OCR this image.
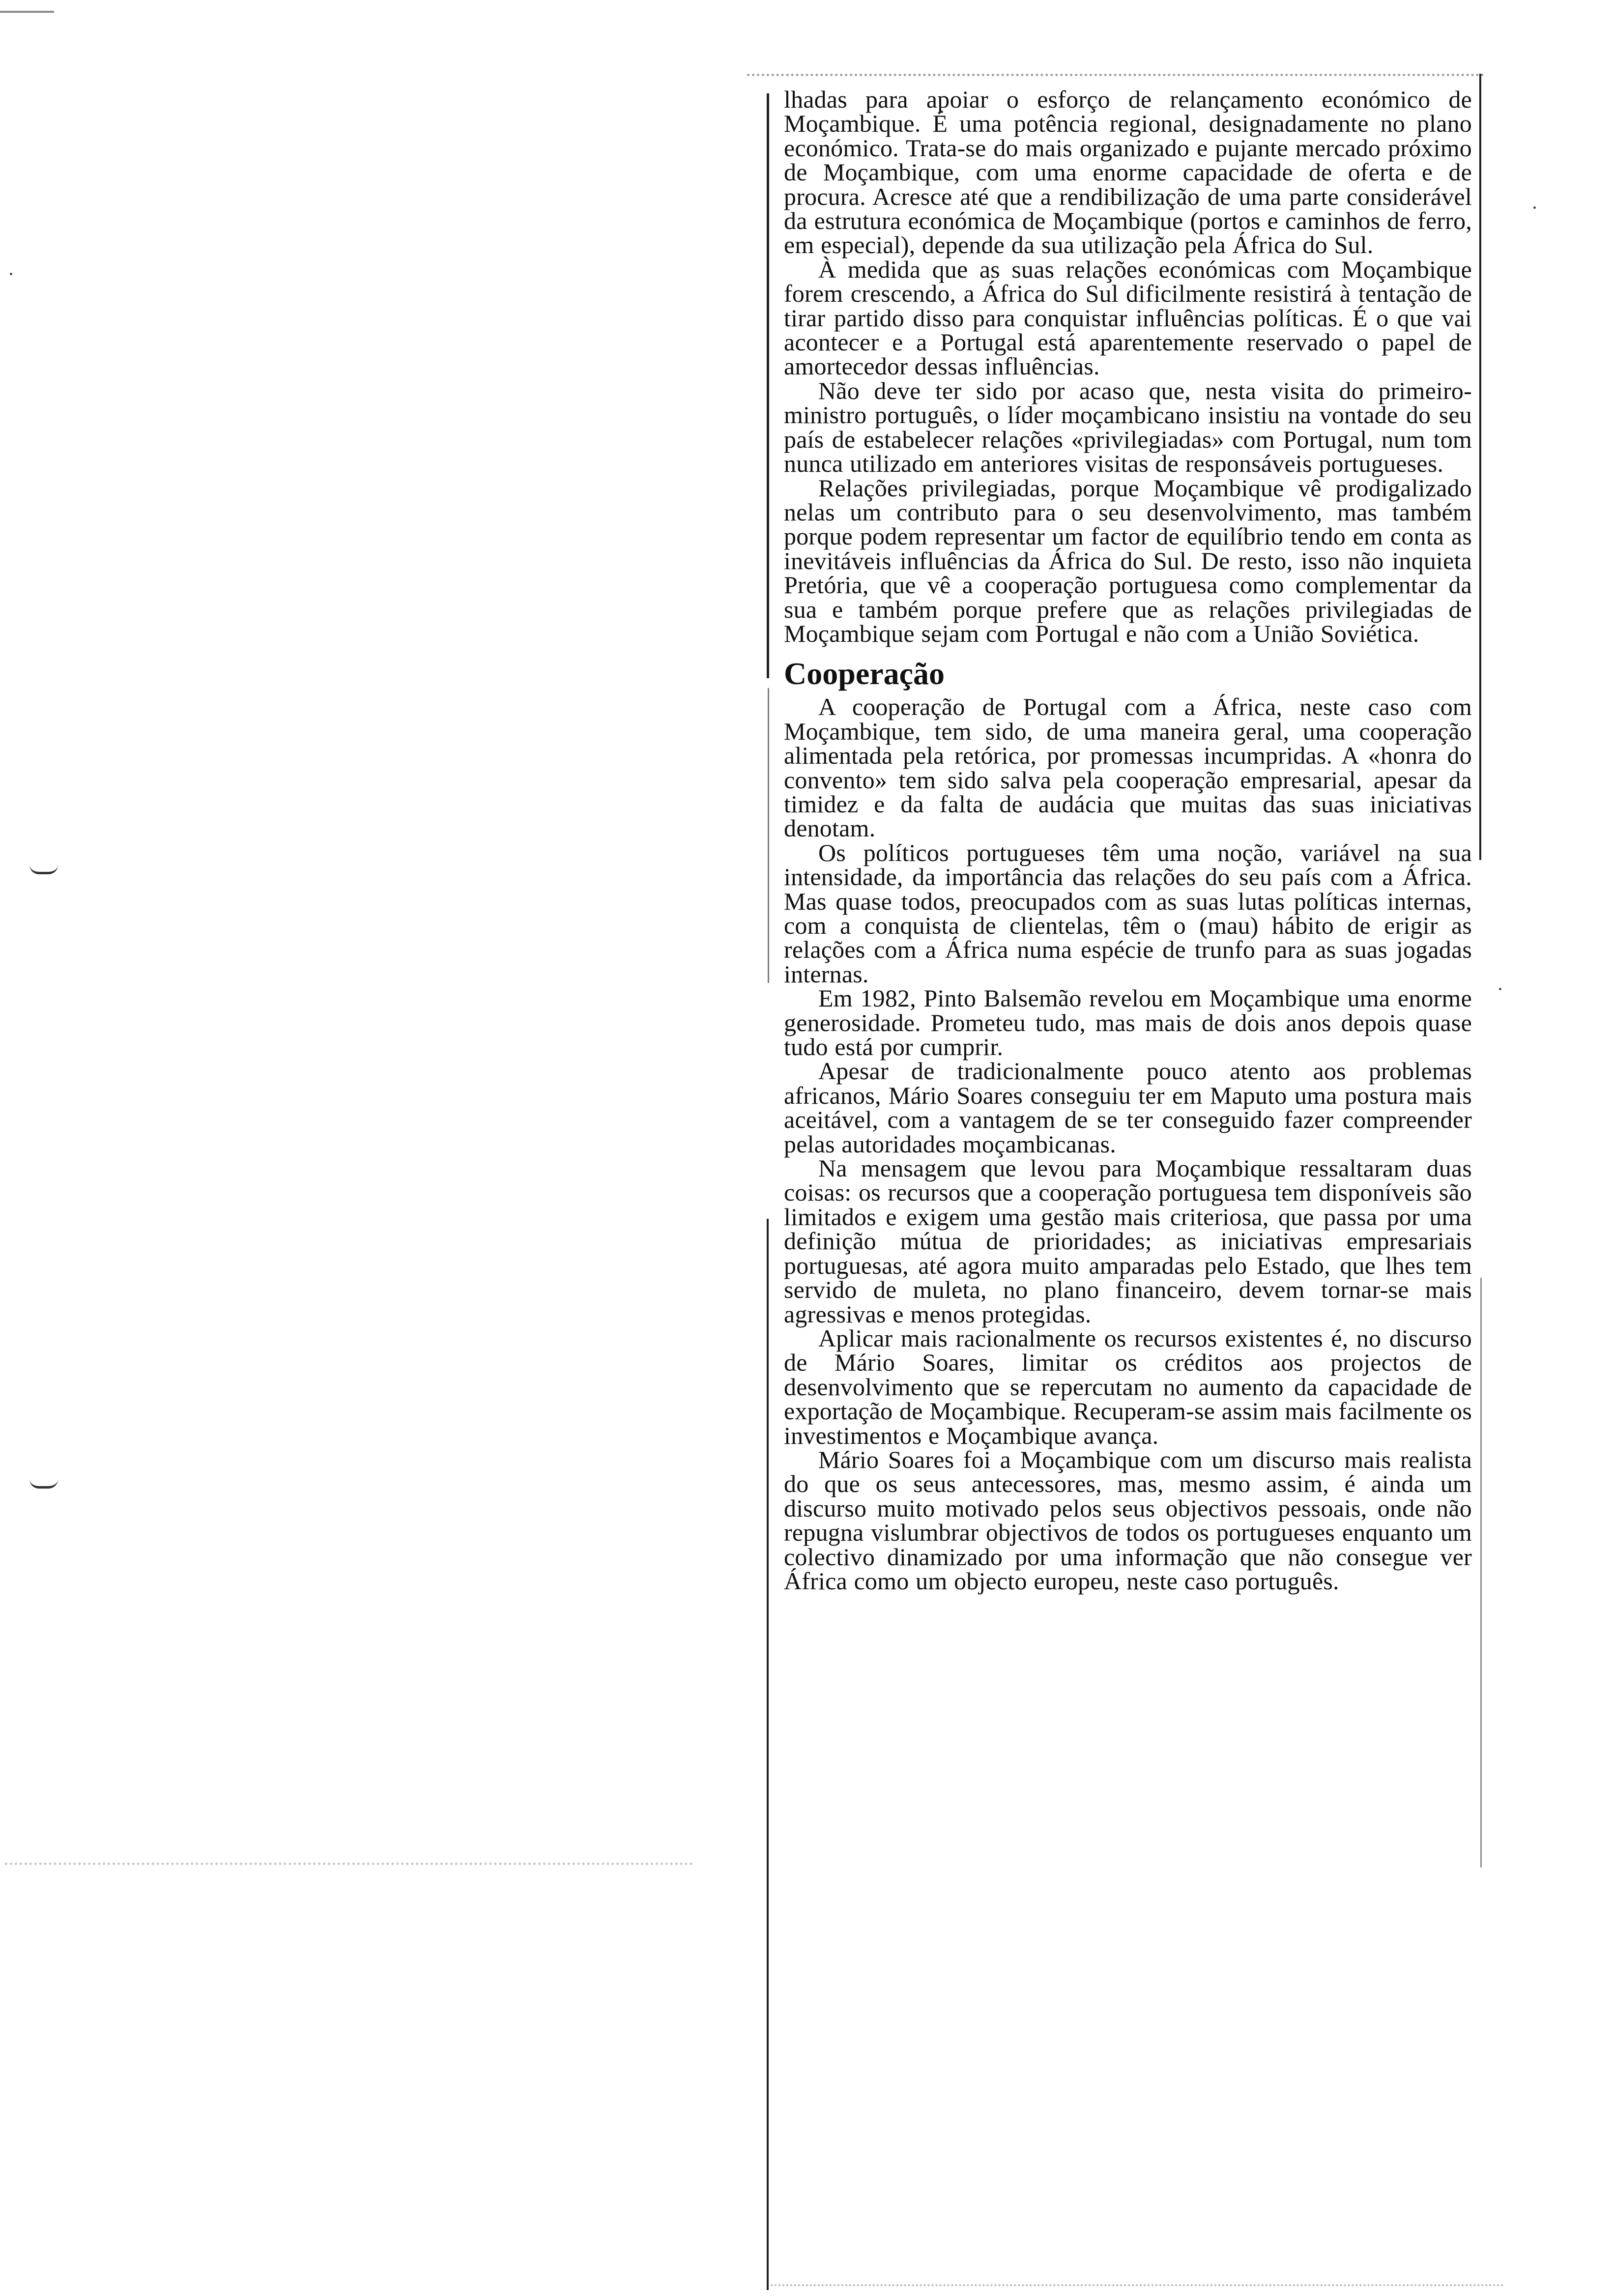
lhadas para apoiar o esforço de relançamento económico de Moçambique. É uma potência regional, designadamente no plano económico. Trata-se do mais organizado e pujante mercado próximo de Moçambique, com uma enorme capacidade de oferta e de procura. Acresce até que a rendibilização de uma parte considerável da estrutura económica de Moçambique (portos e caminhos de ferro, em especial), depende da sua utilização pela África do Sul.

À medida que as suas relações económicas com Moçambique forem crescendo, a África do Sul dificilmente resistirá à tentação de tirar partido disso para conquistar influências políticas. É o que vai acontecer e a Portugal está aparentemente reservado o papel de amortecedor dessas influências.

Não deve ter sido por acaso que, nesta visita do primeiro-ministro português, o líder moçambicano insistiu na vontade do seu país de estabelecer relações «privilegiadas» com Portugal, num tom nunca utilizado em anteriores visitas de responsáveis portugueses.

Relações privilegiadas, porque Moçambique vê prodigalizado nelas um contributo para o seu desenvolvimento, mas também porque podem representar um factor de equilíbrio tendo em conta as inevitáveis influências da África do Sul. De resto, isso não inquieta Pretória, que vê a cooperação portuguesa como complementar da sua e também porque prefere que as relações privilegiadas de Moçambique sejam com Portugal e não com a União Soviética.

Cooperação

A cooperação de Portugal com a África, neste caso com Moçambique, tem sido, de uma maneira geral, uma cooperação alimentada pela retórica, por promessas incumpridas. A «honra do convento» tem sido salva pela cooperação empresarial, apesar da timidez e da falta de audácia que muitas das suas iniciativas denotam.

Os políticos portugueses têm uma noção, variável na sua intensidade, da importância das relações do seu país com a África. Mas quase todos, preocupados com as suas lutas políticas internas, com a conquista de clientelas, têm o (mau) hábito de erigir as relações com a África numa espécie de trunfo para as suas jogadas internas.

Em 1982, Pinto Balsemão revelou em Moçambique uma enorme generosidade. Prometeu tudo, mas mais de dois anos depois quase tudo está por cumprir.

Apesar de tradicionalmente pouco atento aos problemas africanos, Mário Soares conseguiu ter em Maputo uma postura mais aceitável, com a vantagem de se ter conseguido fazer compreender pelas autoridades moçambicanas.

Na mensagem que levou para Moçambique ressaltaram duas coisas: os recursos que a cooperação portuguesa tem disponíveis são limitados e exigem uma gestão mais criteriosa, que passa por uma definição mútua de prioridades; as iniciativas empresariais portuguesas, até agora muito amparadas pelo Estado, que lhes tem servido de muleta, no plano financeiro, devem tornar-se mais agressivas e menos protegidas.

Aplicar mais racionalmente os recursos existentes é, no discurso de Mário Soares, limitar os créditos aos projectos de desenvolvimento que se repercutam no aumento da capacidade de exportação de Moçambique. Recuperam-se assim mais facilmente os investimentos e Moçambique avança.

Mário Soares foi a Moçambique com um discurso mais realista do que os seus antecessores, mas, mesmo assim, é ainda um discurso muito motivado pelos seus objectivos pessoais, onde não repugna vislumbrar objectivos de todos os portugueses enquanto um colectivo dinamizado por uma informação que não consegue ver África como um objecto europeu, neste caso português.
